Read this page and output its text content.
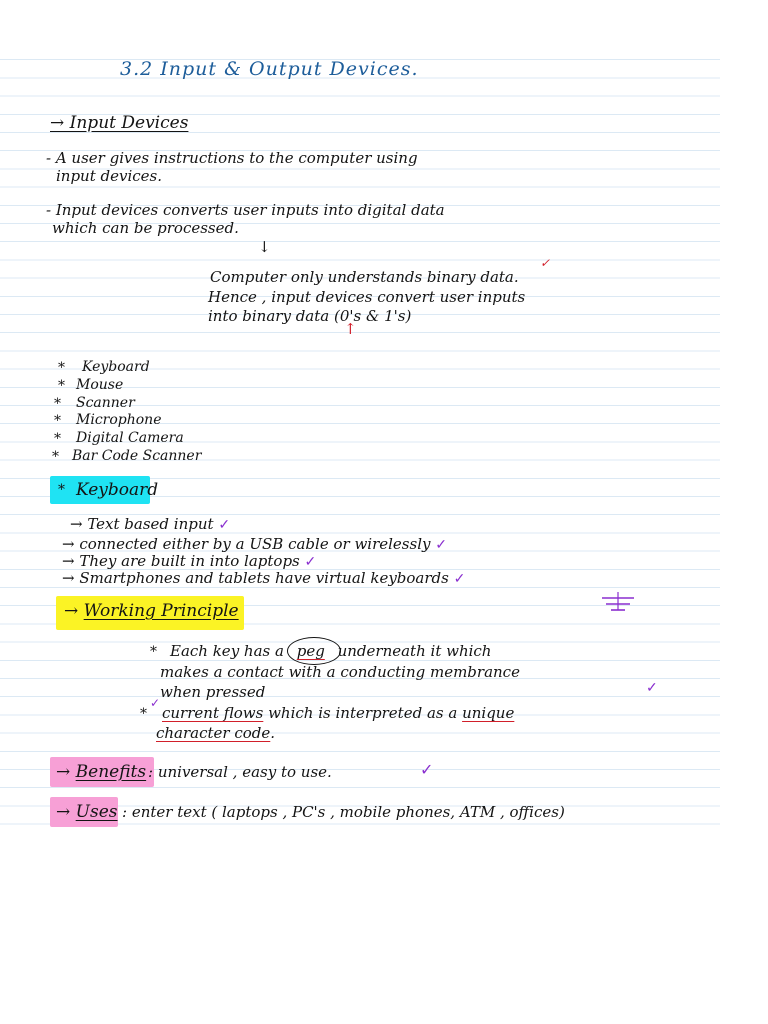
3.2 Input & Output Devices.
→ Input Devices
- A user gives instructions to the computer using
input devices.
- Input devices converts user inputs into digital data
which can be processed.
↓
Computer only understands binary data.
Hence , input devices convert user inputs
into binary data (0's & 1's)
↑
✓
* Keyboard
* Mouse
* Scanner
* Microphone
* Digital Camera
* Bar Code Scanner
* Keyboard
→ Text based input ✓
→ connected either by a USB cable or wirelessly ✓
→ They are built in into laptops ✓
→ Smartphones and tablets have virtual keyboards ✓
→ Working Principle
* Each key has a peg underneath it which
makes a contact with a conducting membrance
when pressed
*
✓
current flows which is interpreted as a unique
✓
character code.
→ Benefits : universal , easy to use.	✓
→ Uses : enter text ( laptops , PC's , mobile phones, ATM , offices)
